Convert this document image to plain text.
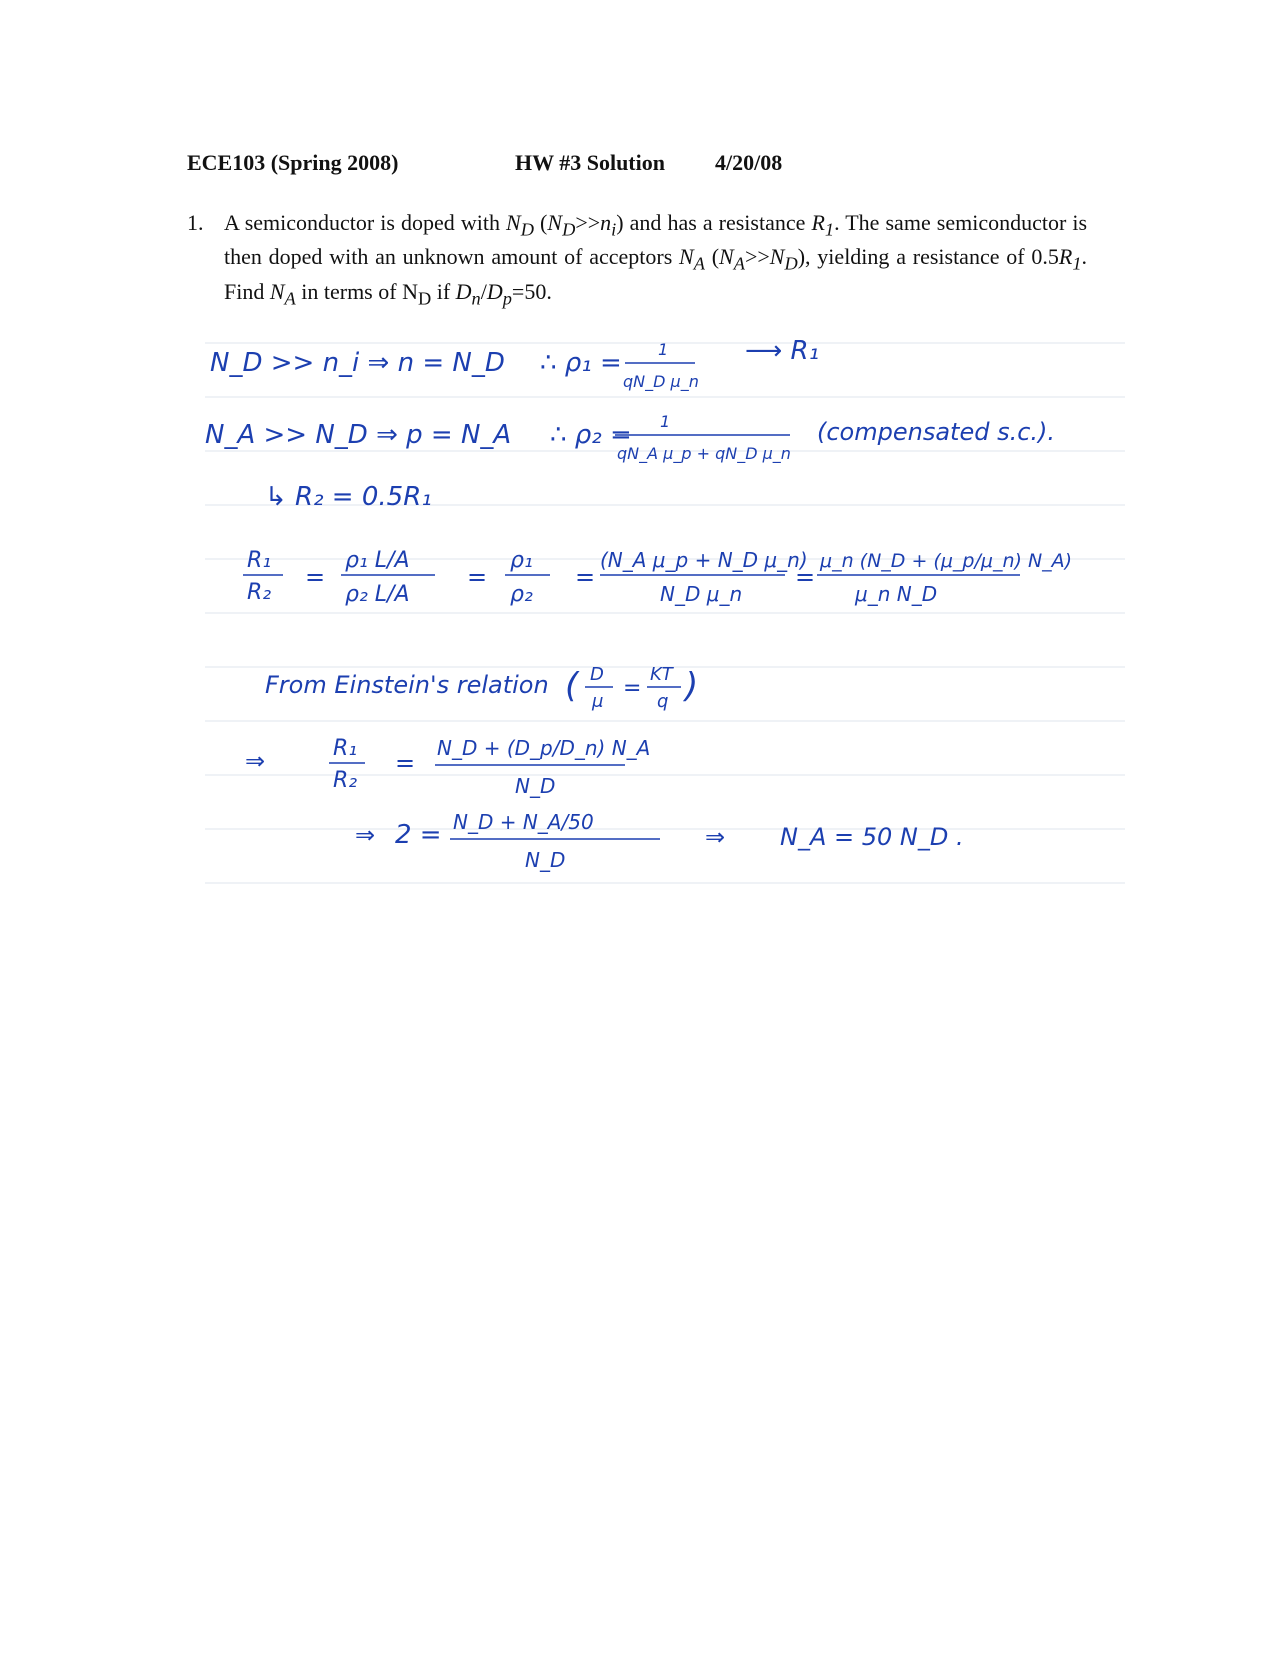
ECE103 (Spring 2008)	HW #3 Solution 4/20/08
1. A semiconductor is doped with $N_D$ $(N_D>>n_i)$ and has a resistance $R_1$. The same semiconductor is then doped with an unknown amount of acceptors $N_A$ $(N_A>>N_D)$, yielding a resistance of $0.5R_1$. Find $N_A$ in terms of $N_D$ if $D_n/D_p=50$.
N_D >> n_i ⇒ n = N_D ∴ ρ₁ = 1
qN_D μ_n
⟶ R₁
N_A >> N_D ⇒ p = N_A ∴ ρ₂ = 1
qN_A μ_p + qN_D μ_n
(compensated s.c.).
↳ R₂ = 0.5R₁
R₁
R₂
=
ρ₁ L/A
ρ₂ L/A
=
ρ₁
ρ₂
=
(N_A μ_p + N_D μ_n)
N_D μ_n
=
μ_n (N_D + (μ_p/μ_n) N_A)
μ_n N_D
From Einstein's relation ( D
μ
=
KT
q )
⇒	R₁
R₂
=
N_D + (D_p/D_n) N_A
N_D
⇒ 2 = N_D + N_A/50
N_D
⇒ N_A = 50 N_D .
